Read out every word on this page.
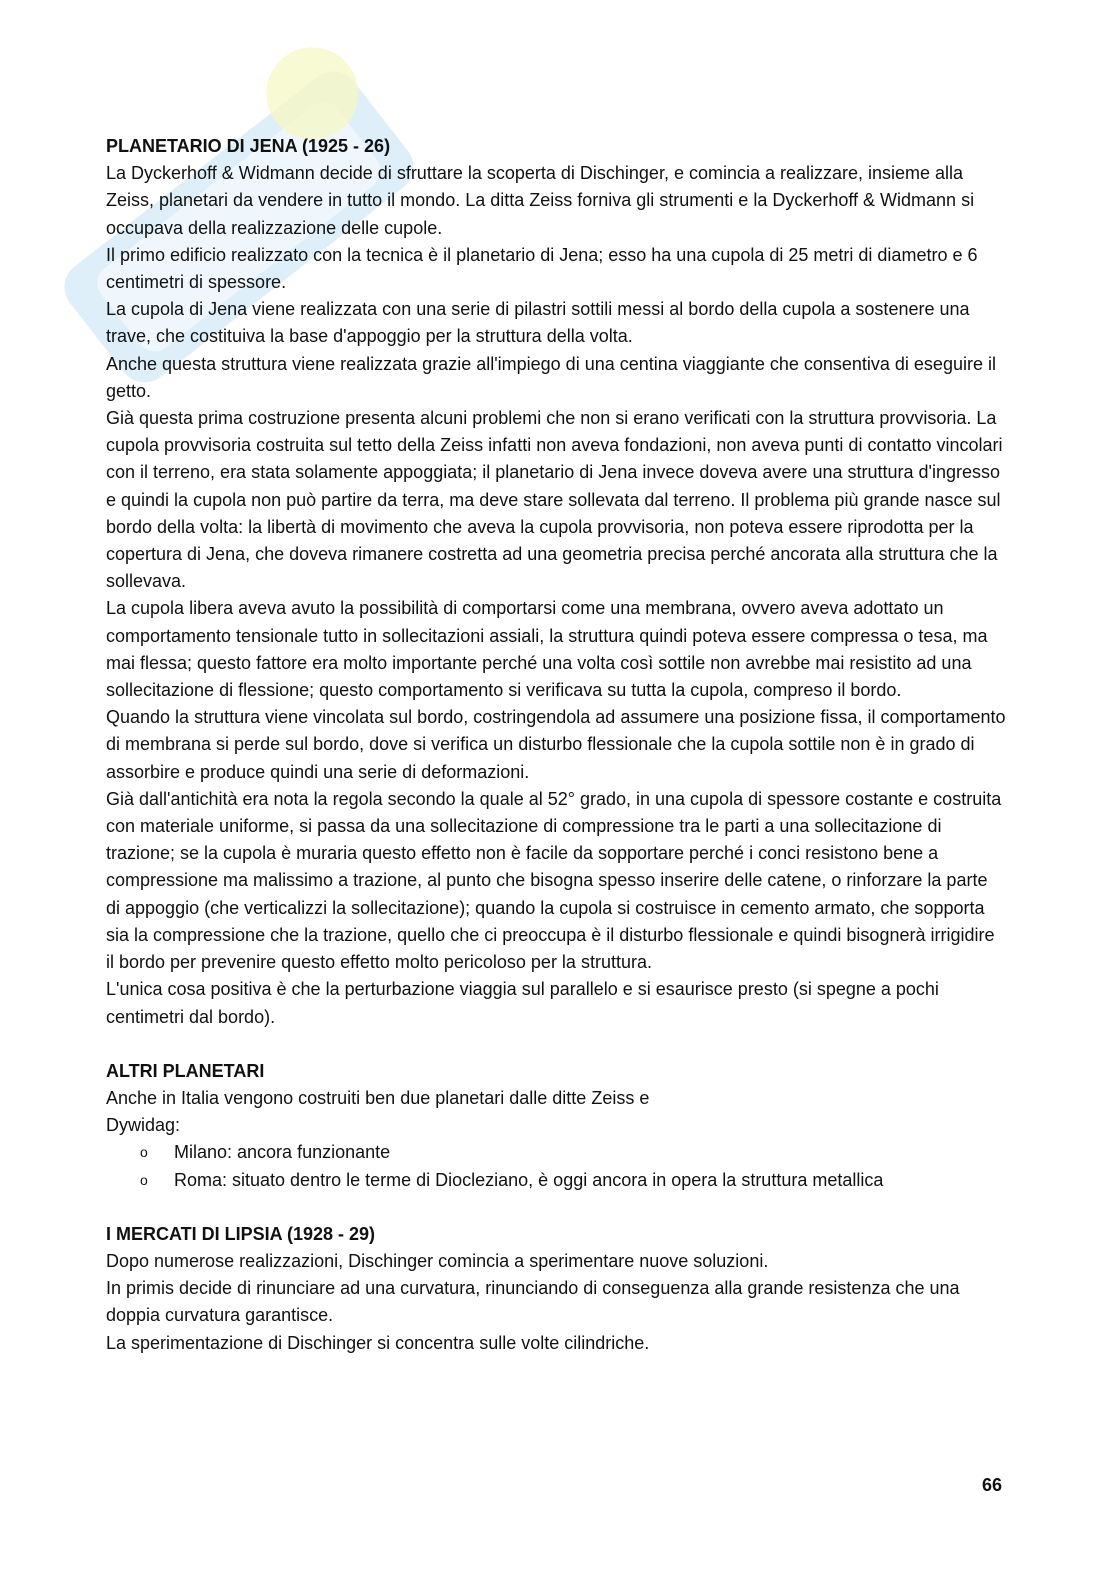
PLANETARIO DI JENA (1925 - 26)

La Dyckerhoff & Widmann decide di sfruttare la scoperta di Dischinger, e comincia a realizzare, insieme alla Zeiss, planetari da vendere in tutto il mondo. La ditta Zeiss forniva gli strumenti e la Dyckerhoff & Widmann si occupava della realizzazione delle cupole.

Il primo edificio realizzato con la tecnica è il planetario di Jena; esso ha una cupola di 25 metri di diametro e 6 centimetri di spessore.

La cupola di Jena viene realizzata con una serie di pilastri sottili messi al bordo della cupola a sostenere una trave, che costituiva la base d'appoggio per la struttura della volta.

Anche questa struttura viene realizzata grazie all'impiego di una centina viaggiante che consentiva di eseguire il getto.

Già questa prima costruzione presenta alcuni problemi che non si erano verificati con la struttura provvisoria. La cupola provvisoria costruita sul tetto della Zeiss infatti non aveva fondazioni, non aveva punti di contatto vincolari con il terreno, era stata solamente appoggiata; il planetario di Jena invece doveva avere una struttura d'ingresso e quindi la cupola non può partire da terra, ma deve stare sollevata dal terreno. Il problema più grande nasce sul bordo della volta: la libertà di movimento che aveva la cupola provvisoria, non poteva essere riprodotta per la copertura di Jena, che doveva rimanere costretta ad una geometria precisa perché ancorata alla struttura che la sollevava.

La cupola libera aveva avuto la possibilità di comportarsi come una membrana, ovvero aveva adottato un comportamento tensionale tutto in sollecitazioni assiali, la struttura quindi poteva essere compressa o tesa, ma mai flessa; questo fattore era molto importante perché una volta così sottile non avrebbe mai resistito ad una sollecitazione di flessione; questo comportamento si verificava su tutta la cupola, compreso il bordo.

Quando la struttura viene vincolata sul bordo, costringendola ad assumere una posizione fissa, il comportamento di membrana si perde sul bordo, dove si verifica un disturbo flessionale che la cupola sottile non è in grado di assorbire e produce quindi una serie di deformazioni.

Già dall'antichità era nota la regola secondo la quale al 52° grado, in una cupola di spessore costante e costruita con materiale uniforme, si passa da una sollecitazione di compressione tra le parti a una sollecitazione di trazione; se la cupola è muraria questo effetto non è facile da sopportare perché i conci resistono bene a compressione ma malissimo a trazione, al punto che bisogna spesso inserire delle catene, o rinforzare la parte di appoggio (che verticalizzi la sollecitazione); quando la cupola si costruisce in cemento armato, che sopporta sia la compressione che la trazione, quello che ci preoccupa è il disturbo flessionale e quindi bisognerà irrigidire il bordo per prevenire questo effetto molto pericoloso per la struttura.

L'unica cosa positiva è che la perturbazione viaggia sul parallelo e si esaurisce presto (si spegne a pochi centimetri dal bordo).

ALTRI PLANETARI

Anche in Italia vengono costruiti ben due planetari dalle ditte Zeiss e

Dywidag:

o Milano: ancora funzionante
o Roma: situato dentro le terme di Diocleziano, è oggi ancora in opera la struttura metallica

I MERCATI DI LIPSIA (1928 - 29)

Dopo numerose realizzazioni, Dischinger comincia a sperimentare nuove soluzioni.

In primis decide di rinunciare ad una curvatura, rinunciando di conseguenza alla grande resistenza che una doppia curvatura garantisce.

La sperimentazione di Dischinger si concentra sulle volte cilindriche.

66
